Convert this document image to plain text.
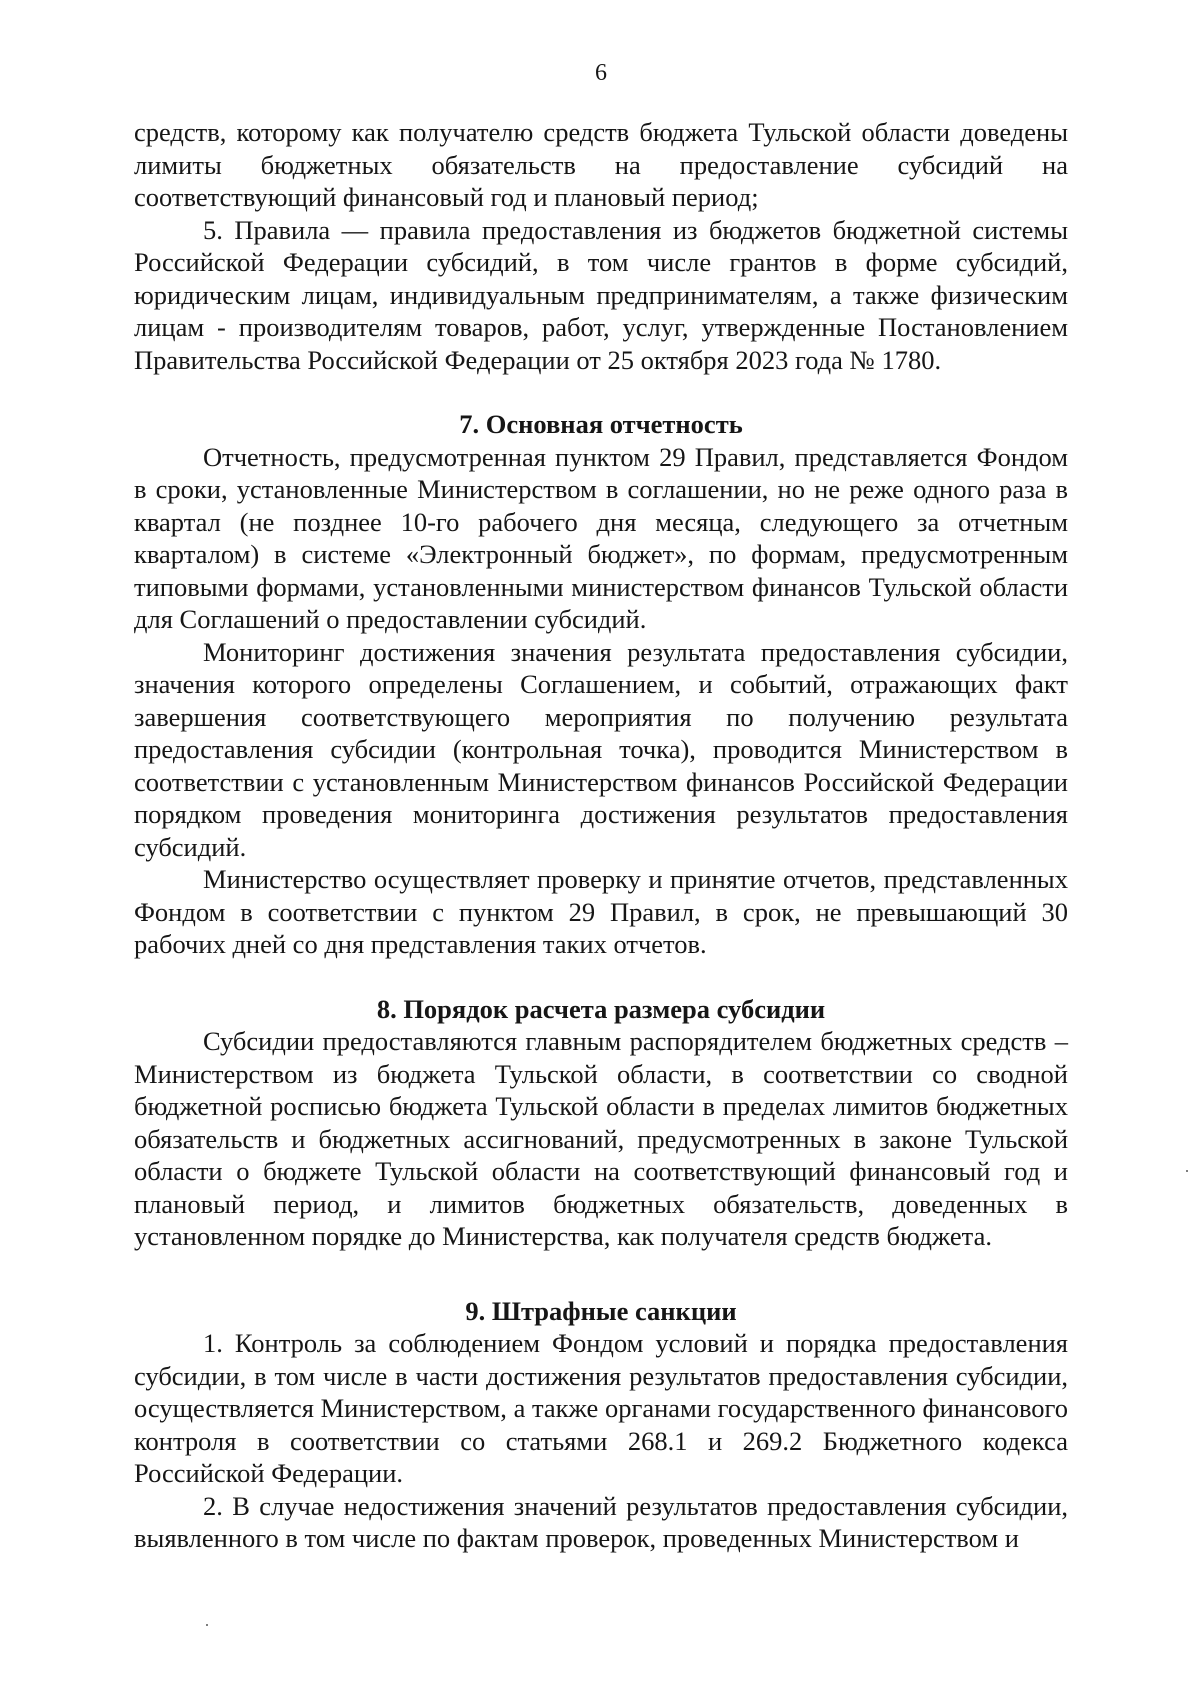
6

средств, которому как получателю средств бюджета Тульской области доведены лимиты бюджетных обязательств на предоставление субсидий на соответствующий финансовый год и плановый период;

5. Правила — правила предоставления из бюджетов бюджетной системы Российской Федерации субсидий, в том числе грантов в форме субсидий, юридическим лицам, индивидуальным предпринимателям, а также физическим лицам - производителям товаров, работ, услуг, утвержденные Постановлением Правительства Российской Федерации от 25 октября 2023 года № 1780.

7. Основная отчетность

Отчетность, предусмотренная пунктом 29 Правил, представляется Фондом в сроки, установленные Министерством в соглашении, но не реже одного раза в квартал (не позднее 10-го рабочего дня месяца, следующего за отчетным кварталом) в системе «Электронный бюджет», по формам, предусмотренным типовыми формами, установленными министерством финансов Тульской области для Соглашений о предоставлении субсидий.

Мониторинг достижения значения результата предоставления субсидии, значения которого определены Соглашением, и событий, отражающих факт завершения соответствующего мероприятия по получению результата предоставления субсидии (контрольная точка), проводится Министерством в соответствии с установленным Министерством финансов Российской Федерации порядком проведения мониторинга достижения результатов предоставления субсидий.

Министерство осуществляет проверку и принятие отчетов, представленных Фондом в соответствии с пунктом 29 Правил, в срок, не превышающий 30 рабочих дней со дня представления таких отчетов.

8. Порядок расчета размера субсидии

Субсидии предоставляются главным распорядителем бюджетных средств – Министерством из бюджета Тульской области, в соответствии со сводной бюджетной росписью бюджета Тульской области в пределах лимитов бюджетных обязательств и бюджетных ассигнований, предусмотренных в законе Тульской области о бюджете Тульской области на соответствующий финансовый год и плановый период, и лимитов бюджетных обязательств, доведенных в установленном порядке до Министерства, как получателя средств бюджета.

9. Штрафные санкции

1. Контроль за соблюдением Фондом условий и порядка предоставления субсидии, в том числе в части достижения результатов предоставления субсидии, осуществляется Министерством, а также органами государственного финансового контроля в соответствии со статьями 268.1 и 269.2 Бюджетного кодекса Российской Федерации.

2. В случае недостижения значений результатов предоставления субсидии, выявленного в том числе по фактам проверок, проведенных Министерством и
